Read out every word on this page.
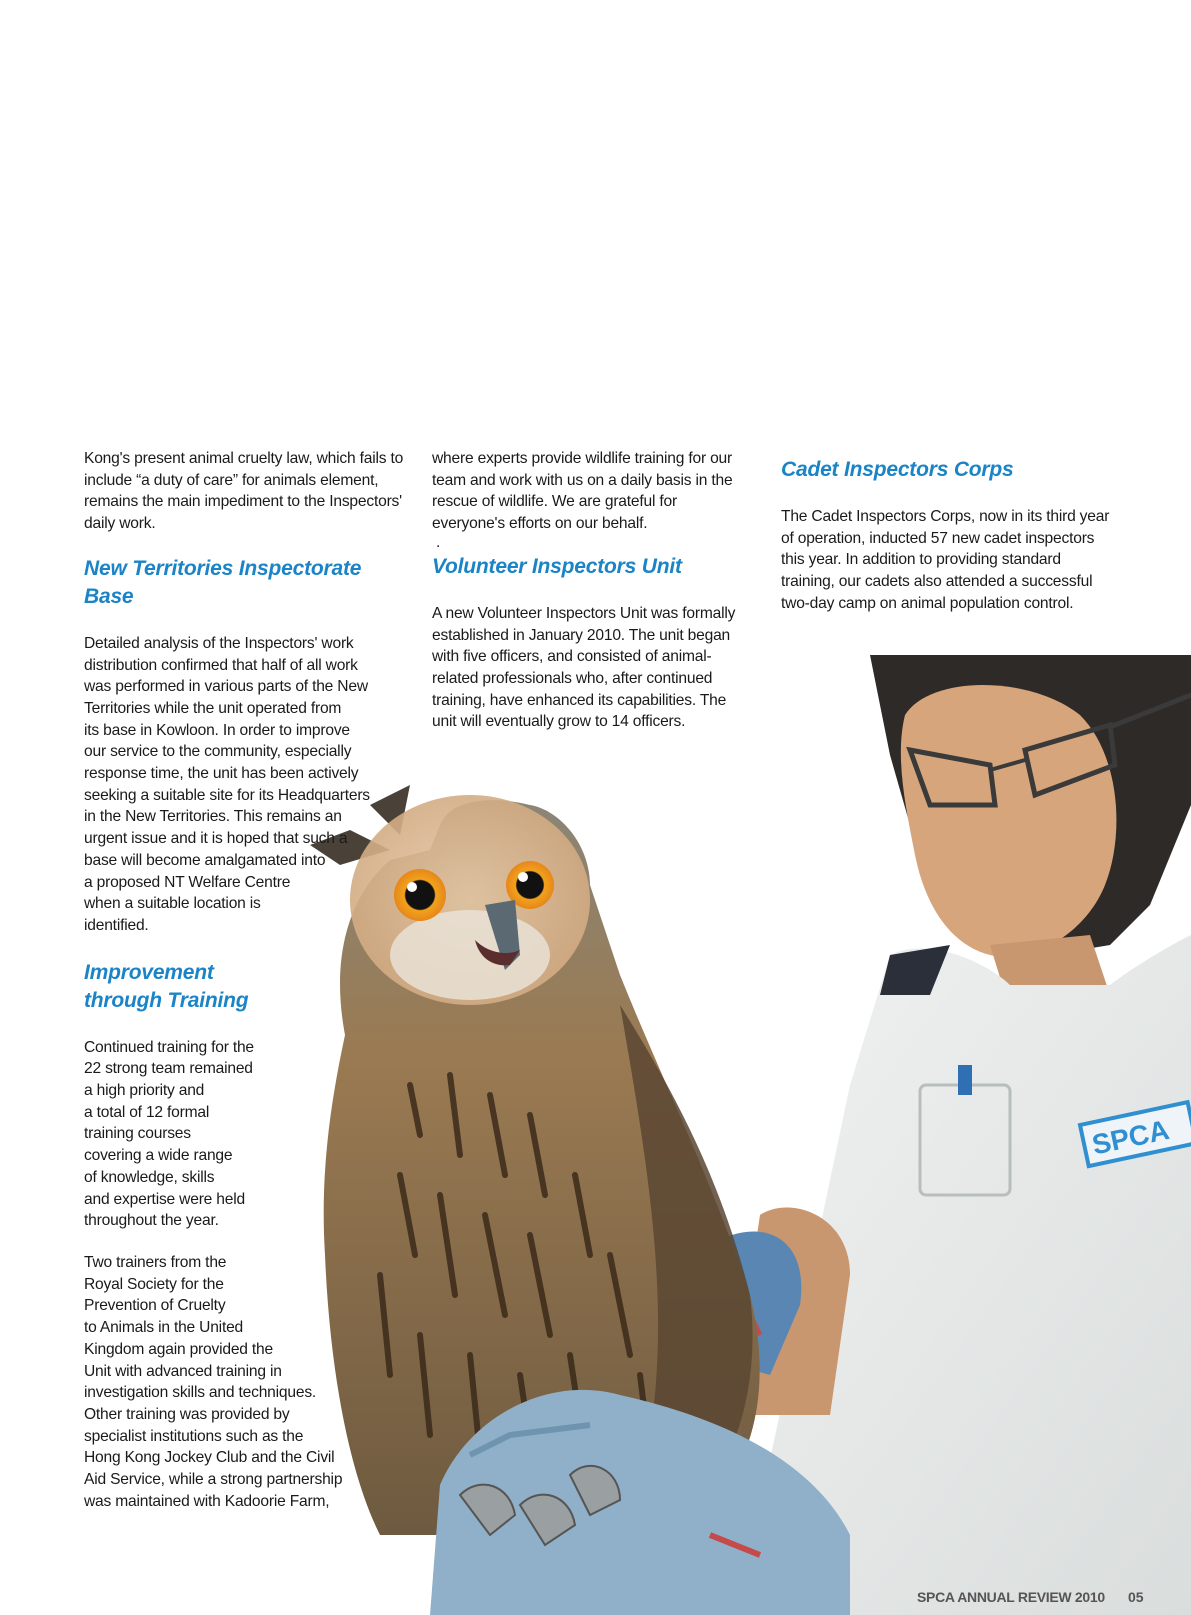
SPCA

Kong's present animal cruelty law, which fails to include “a duty of care” for animals element, remains the main impediment to the Inspectors' daily work.

New Territories Inspectorate
Base
Detailed analysis of the Inspectors' work
distribution confirmed that half of all work
was performed in various parts of the New
Territories while the unit operated from
its base in Kowloon. In order to improve
our service to the community, especially
response time, the unit has been actively
seeking a suitable site for its Headquarters
in the New Territories. This remains an
urgent issue and it is hoped that such a
base will become amalgamated into
a proposed NT Welfare Centre
when a suitable location is
identified.
Improvement
through Training
Continued training for the
22 strong team remained
a high priority and
a total of 12 formal
training courses
covering a wide range
of knowledge, skills
and expertise were held
throughout the year.
Two trainers from the
Royal Society for the
Prevention of Cruelty
to Animals in the United
Kingdom again provided the
Unit with advanced training in
investigation skills and techniques.
Other training was provided by
specialist institutions such as the
Hong Kong Jockey Club and the Civil
Aid Service, while a strong partnership
was maintained with Kadoorie Farm,

where experts provide wildlife training for our team and work with us on a daily basis in the rescue of wildlife. We are grateful for everyone's efforts on our behalf.

.
Volunteer Inspectors Unit

A new Volunteer Inspectors Unit was formally established in January 2010. The unit began with five officers, and consisted of animal-related professionals who, after continued training, have enhanced its capabilities. The unit will eventually grow to 14 officers.

Cadet Inspectors Corps

The Cadet Inspectors Corps, now in its third year of operation, inducted 57 new cadet inspectors this year. In addition to providing standard training, our cadets also attended a successful two-day camp on animal population control.

SPCA ANNUAL REVIEW 2010 05
